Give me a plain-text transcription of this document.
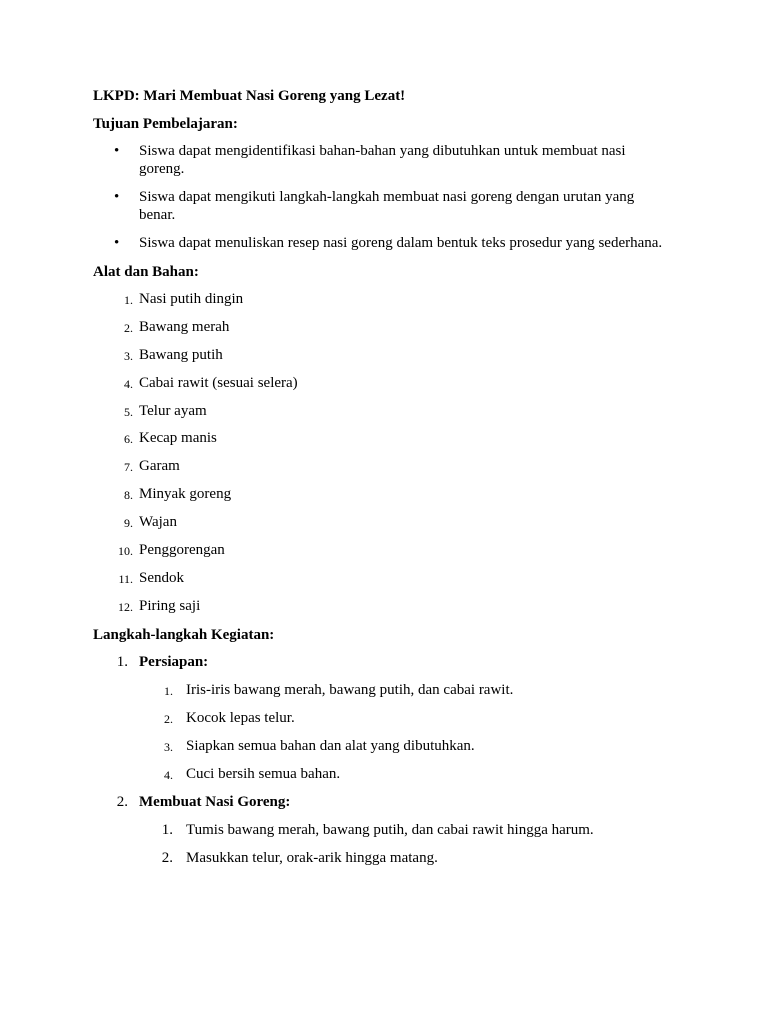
LKPD: Mari Membuat Nasi Goreng yang Lezat!
Tujuan Pembelajaran:
• Siswa dapat mengidentifikasi bahan-bahan yang dibutuhkan untuk membuat nasi goreng.
• Siswa dapat mengikuti langkah-langkah membuat nasi goreng dengan urutan yang benar.
• Siswa dapat menuliskan resep nasi goreng dalam bentuk teks prosedur yang sederhana.
Alat dan Bahan:
1. Nasi putih dingin
2. Bawang merah
3. Bawang putih
4. Cabai rawit (sesuai selera)
5. Telur ayam
6. Kecap manis
7. Garam
8. Minyak goreng
9. Wajan
10. Penggorengan
11. Sendok
12. Piring saji
Langkah-langkah Kegiatan:
1. Persiapan:
1. Iris-iris bawang merah, bawang putih, dan cabai rawit.
2. Kocok lepas telur.
3. Siapkan semua bahan dan alat yang dibutuhkan.
4. Cuci bersih semua bahan.
2. Membuat Nasi Goreng:
1. Tumis bawang merah, bawang putih, dan cabai rawit hingga harum.
2. Masukkan telur, orak-arik hingga matang.
